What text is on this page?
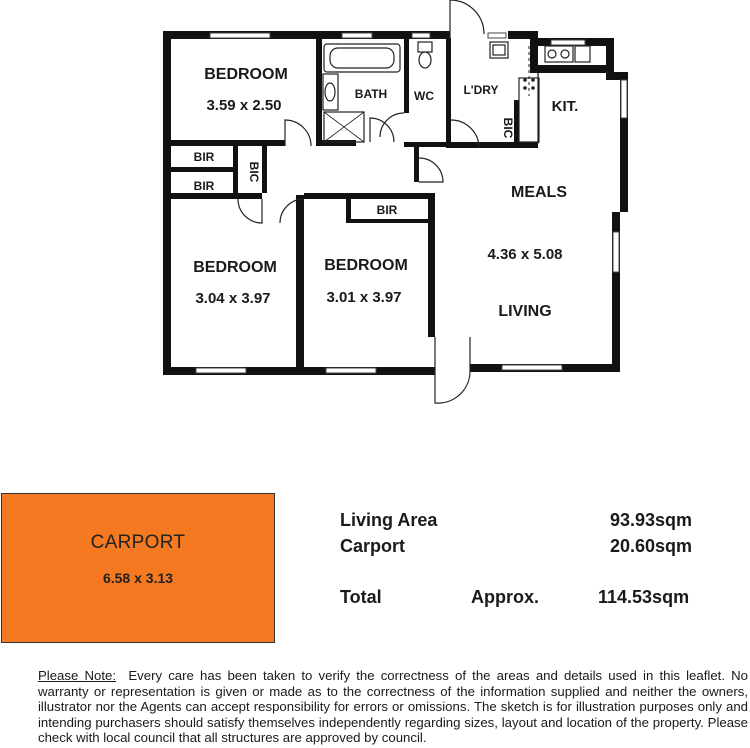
BEDROOM
3.59 x 2.50
BATH WC L'DRY
BIC
KIT.
BIR
BIR
BIC
BIR
BEDROOM
3.04 x 3.97
BEDROOM
3.01 x 3.97
MEALS
4.36 x 5.08
LIVING
CARPORT
6.58 x 3.13
Living Area	93.93sqm
Carport	20.60sqm
Total	Approx.	114.53sqm
Please Note: Every care has been taken to verify the correctness of the areas and details used in this leaflet. No warranty or representation is given or made as to the correctness of the information supplied and neither the owners, illustrator nor the Agents can accept responsibility for errors or omissions. The sketch is for illustration purposes only and intending purchasers should satisfy themselves independently regarding sizes, layout and location of the property. Please check with local council that all structures are approved by council.
